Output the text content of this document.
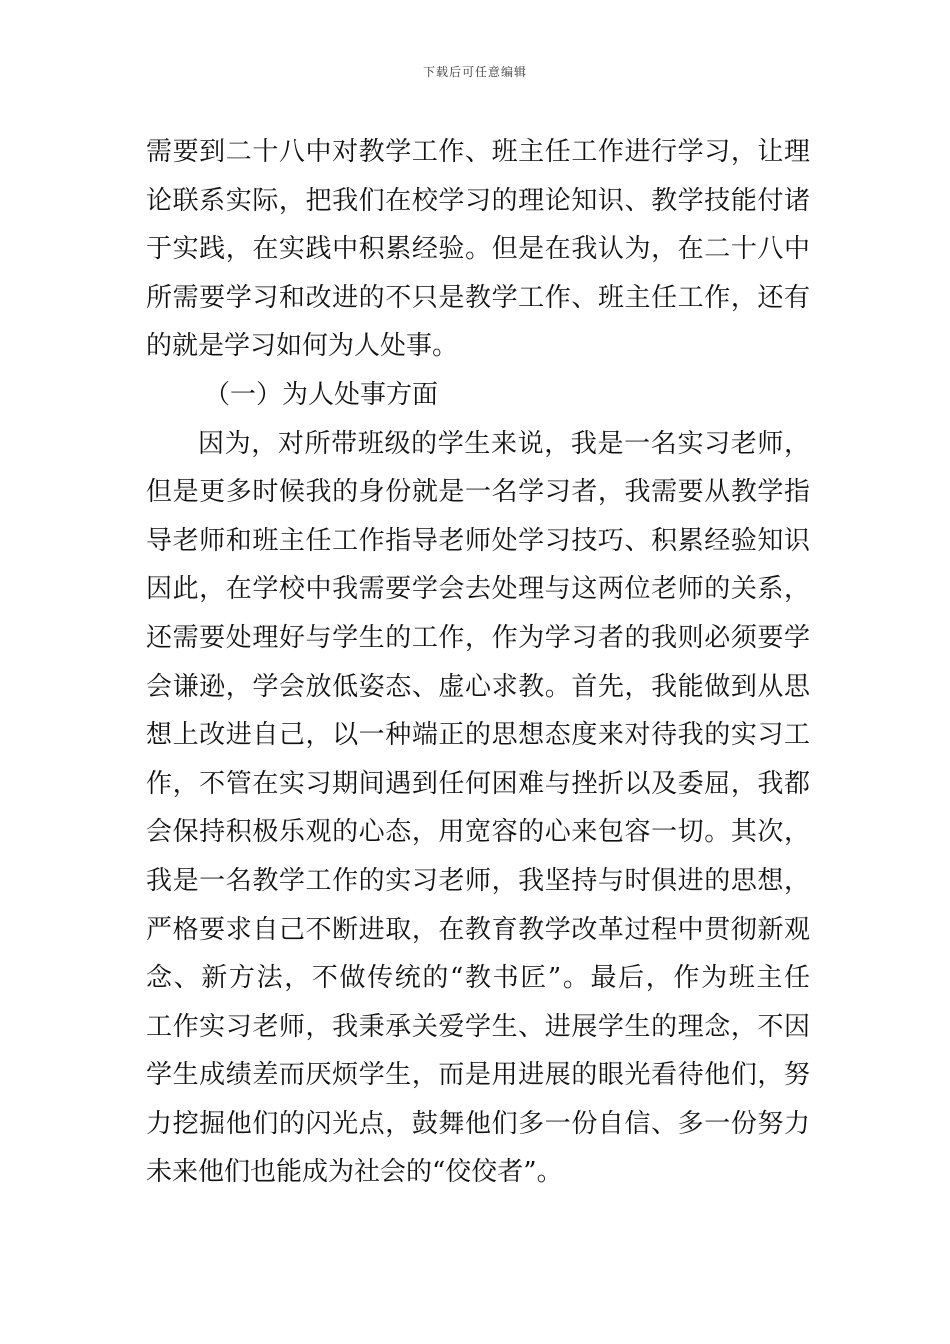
下载后可任意编辑
需要到二十八中对教学工作、班主任工作进行学习，让理
论联系实际，把我们在校学习的理论知识、教学技能付诸
于实践，在实践中积累经验。但是在我认为，在二十八中
所需要学习和改进的不只是教学工作、班主任工作，还有
的就是学习如何为人处事。
（一）为人处事方面
因为，对所带班级的学生来说，我是一名实习老师，
但是更多时候我的身份就是一名学习者，我需要从教学指
导老师和班主任工作指导老师处学习技巧、积累经验知识
因此，在学校中我需要学会去处理与这两位老师的关系，
还需要处理好与学生的工作，作为学习者的我则必须要学
会谦逊，学会放低姿态、虚心求教。首先，我能做到从思
想上改进自己，以一种端正的思想态度来对待我的实习工
作，不管在实习期间遇到任何困难与挫折以及委屈，我都
会保持积极乐观的心态，用宽容的心来包容一切。其次，
我是一名教学工作的实习老师，我坚持与时俱进的思想，
严格要求自己不断进取，在教育教学改革过程中贯彻新观
念、新方法，不做传统的“教书匠”。最后，作为班主任
工作实习老师，我秉承关爱学生、进展学生的理念，不因
学生成绩差而厌烦学生，而是用进展的眼光看待他们，努
力挖掘他们的闪光点，鼓舞他们多一份自信、多一份努力
未来他们也能成为社会的“佼佼者”。
